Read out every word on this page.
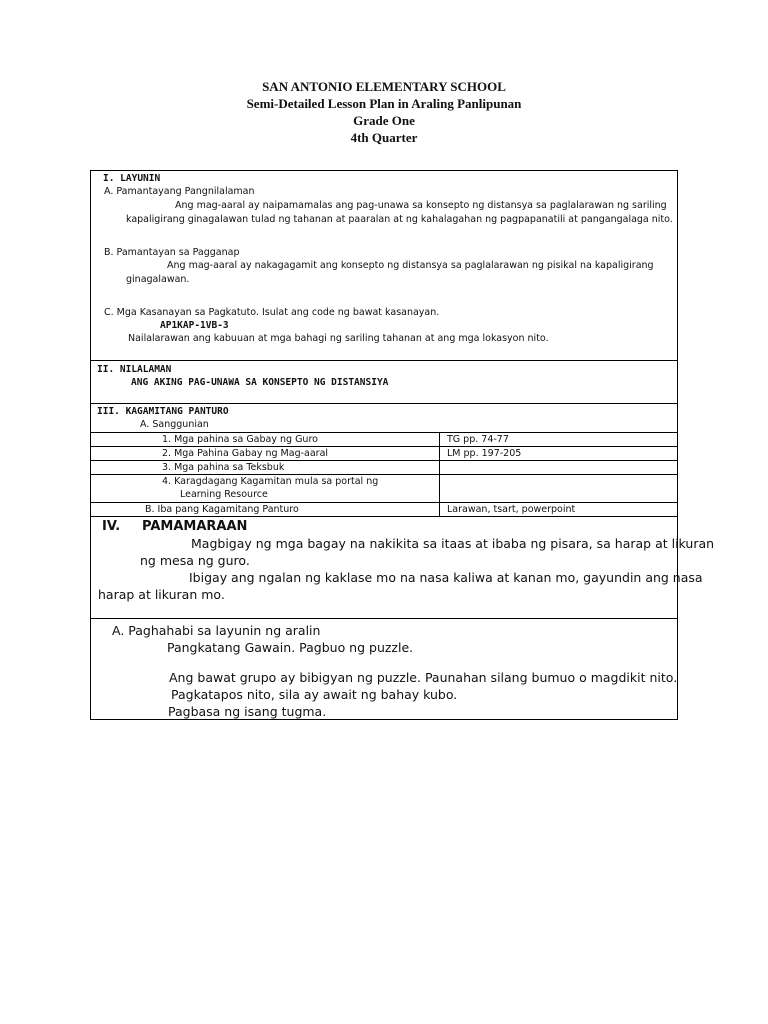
SAN ANTONIO ELEMENTARY SCHOOL
Semi-Detailed Lesson Plan in Araling Panlipunan
Grade One
4th Quarter
I. LAYUNIN
A. Pamantayang Pangnilalaman
Ang mag-aaral ay naipamamalas ang pag-unawa sa konsepto ng distansya sa paglalarawan ng sariling
kapaligirang ginagalawan tulad ng tahanan at paaralan at ng kahalagahan ng pagpapanatili at pangangalaga nito.
B. Pamantayan sa Pagganap
Ang mag-aaral ay nakagagamit ang konsepto ng distansya sa paglalarawan ng pisikal na kapaligirang
ginagalawan.
C. Mga Kasanayan sa Pagkatuto. Isulat ang code ng bawat kasanayan.
AP1KAP-1VB-3
Nailalarawan ang kabuuan at mga bahagi ng sariling tahanan at ang mga lokasyon nito.
II. NILALAMAN
ANG AKING PAG-UNAWA SA KONSEPTO NG DISTANSIYA
III. KAGAMITANG PANTURO
A. Sanggunian
1. Mga pahina sa Gabay ng Guro	TG pp. 74-77
2. Mga Pahina Gabay ng Mag-aaral	LM pp. 197-205
3. Mga pahina sa Teksbuk	

4. Karagdagang Kagamitan mula sa portal ng
Learning Resource	

B. Iba pang Kagamitang Panturo	Larawan, tsart, powerpoint
IV. PAMAMARAAN
Magbigay ng mga bagay na nakikita sa itaas at ibaba ng pisara, sa harap at likuran
ng mesa ng guro.
Ibigay ang ngalan ng kaklase mo na nasa kaliwa at kanan mo, gayundin ang nasa
harap at likuran mo.
A. Paghahabi sa layunin ng aralin
Pangkatang Gawain. Pagbuo ng puzzle.
Ang bawat grupo ay bibigyan ng puzzle. Paunahan silang bumuo o magdikit nito.
Pagkatapos nito, sila ay await ng bahay kubo.
Pagbasa ng isang tugma.
